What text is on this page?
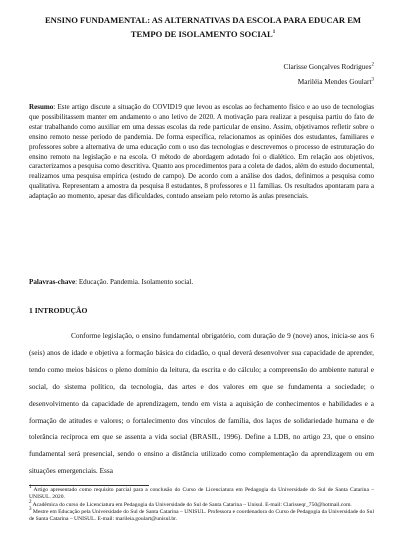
ENSINO FUNDAMENTAL: AS ALTERNATIVAS DA ESCOLA PARA EDUCAR EM
TEMPO DE ISOLAMENTO SOCIAL$^1$
Clarisse Gonçalves Rodrigues$^2$
Mariléia Mendes Goulart$^3$
Resumo: Este artigo discute a situação do COVID19 que levou as escolas ao fechamento físico e ao uso de tecnologias que possibilitassem manter em andamento o ano letivo de 2020. A motivação para realizar a pesquisa partiu do fato de estar trabalhando como auxiliar em uma dessas escolas da rede particular de ensino. Assim, objetivamos refletir sobre o ensino remoto nesse período de pandemia. De forma específica, relacionamos as opiniões dos estudantes, familiares e professores sobre a alternativa de uma educação com o uso das tecnologias e descrevemos o processo de estruturação do ensino remoto na legislação e na escola. O método de abordagem adotado foi o dialético. Em relação aos objetivos, caracterizamos a pesquisa como descritiva. Quanto aos procedimentos para a coleta de dados, além do estudo documental, realizamos uma pesquisa empírica (estudo de campo). De acordo com a análise dos dados, definimos a pesquisa como qualitativa. Representam a amostra da pesquisa 8 estudantes, 8 professores e 11 famílias. Os resultados apontaram para a adaptação ao momento, apesar das dificuldades, contudo anseiam pelo retorno às aulas presenciais.
Palavras-chave: Educação. Pandemia. Isolamento social.
1 INTRODUÇÃO
Conforme legislação, o ensino fundamental obrigatório, com duração de 9 (nove) anos, inicia-se aos 6 (seis) anos de idade e objetiva a formação básica do cidadão, o qual deverá desenvolver sua capacidade de aprender, tendo como meios básicos o pleno domínio da leitura, da escrita e do cálculo; a compreensão do ambiente natural e social, do sistema político, da tecnologia, das artes e dos valores em que se fundamenta a sociedade; o desenvolvimento da capacidade de aprendizagem, tendo em vista a aquisição de conhecimentos e habilidades e a formação de atitudes e valores; o fortalecimento dos vínculos de família, dos laços de solidariedade humana e de tolerância recíproca em que se assenta a vida social (BRASIL, 1996). Define a LDB, no artigo 23, que o ensino fundamental será presencial, sendo o ensino a distância utilizado como complementação da aprendizagem ou em situações emergenciais. Essa
$^1$ Artigo apresentado como requisito parcial para a conclusão do Curso de Licenciatura em Pedagogia da Universidade do Sul de Santa Catarina – UNISUL. 2020.
$^2$ Acadêmica do curso de Licenciatura em Pedagogia da Universidade do Sul de Santa Catarina – Unisul. E-mail: Clarisseqr_750@hotmail.com.
$^3$ Mestre em Educação pela Universidade do Sul de Santa Catarina – UNISUL. Professora e coordenadora do Curso de Pedagogia da Universidade do Sul de Santa Catarina – UNISUL. E-mail: marileia.goulart@unisul.br.
